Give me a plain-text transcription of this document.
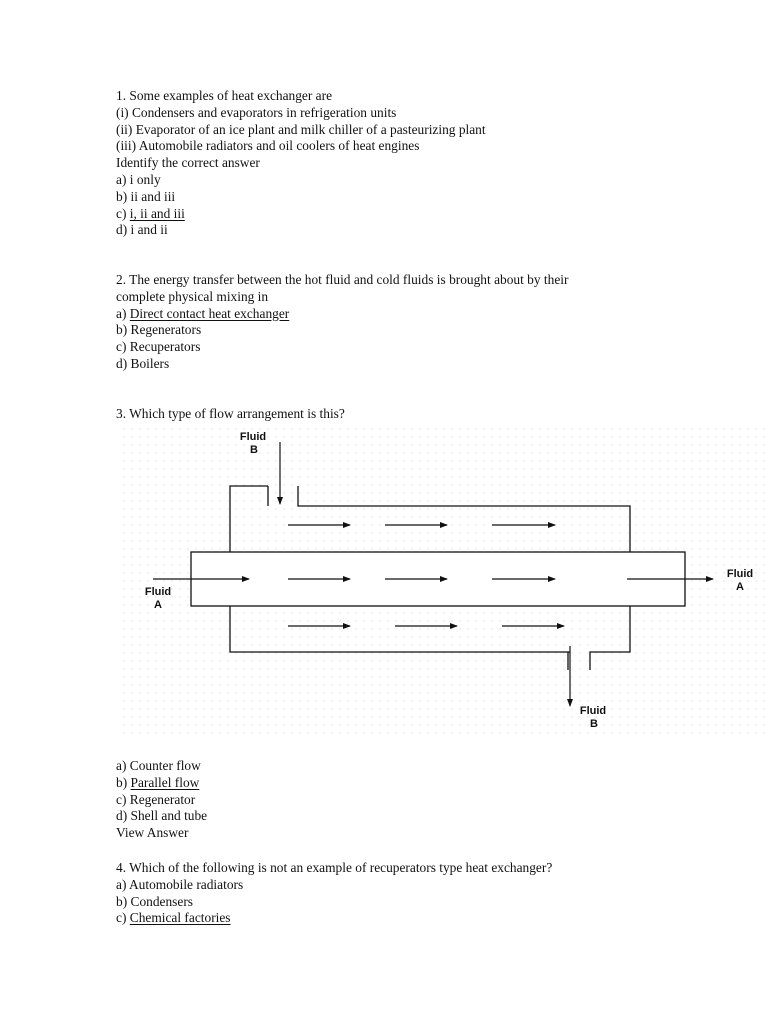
1. Some examples of heat exchanger are
(i) Condensers and evaporators in refrigeration units
(ii) Evaporator of an ice plant and milk chiller of a pasteurizing plant
(iii) Automobile radiators and oil coolers of heat engines
Identify the correct answer
a) i only
b) ii and iii
c) i, ii and iii
d) i and ii
2. The energy transfer between the hot fluid and cold fluids is brought about by their
complete physical mixing in
a) Direct contact heat exchanger
b) Regenerators
c) Recuperators
d) Boilers
3. Which type of flow arrangement is this?
Fluid
B
Fluid
A
Fluid
A
Fluid
B
a) Counter flow
b) Parallel flow
c) Regenerator
d) Shell and tube
View Answer
4. Which of the following is not an example of recuperators type heat exchanger?
a) Automobile radiators
b) Condensers
c) Chemical factories
